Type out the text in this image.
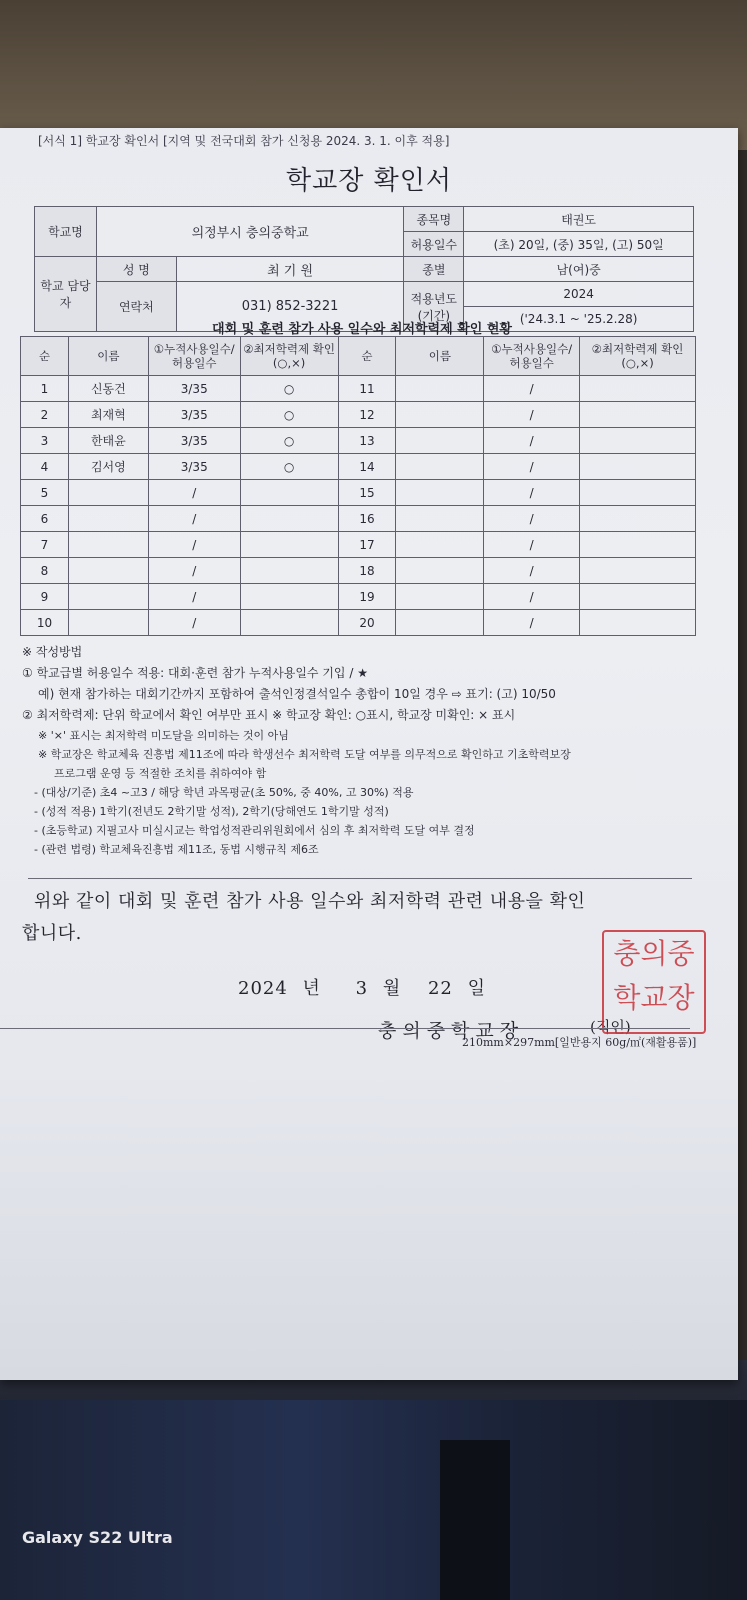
[서식 1] 학교장 확인서 [지역 및 전국대회 참가 신청용 2024. 3. 1. 이후 적용]
학교장 확인서
학교명	의정부시 충의중학교		종목명	태권도
			허용일수	(초) 20일, (중) 35일, (고) 50일
학교 담당자	성 명	최 기 원	종별	남(여)중
	연락처	031) 852-3221	적용년도 (기간)	2024
				('24.3.1 ~ '25.2.28)
대회 및 훈련 참가 사용 일수와 최저학력제 확인 현황
순	이름	①누적사용일수/ 허용일수	②최저학력제 확인(○,×)	순	이름	①누적사용일수/ 허용일수	②최저학력제 확인(○,×)
1	신동건	3/35	○	11		/	
2	최재혁	3/35	○	12		/	
3	한태윤	3/35	○	13		/	
4	김서영	3/35	○	14		/	
5		/		15		/	
6		/		16		/	
7		/		17		/	
8		/		18		/	
9		/		19		/	
10		/		20		/	
※ 작성방법
① 학교급별 허용일수 적용: 대회·훈련 참가 누적사용일수 기입 / ★
예) 현재 참가하는 대회기간까지 포함하여 출석인정결석일수 총합이 10일 경우 ⇨ 표기: (고) 10/50
② 최저학력제: 단위 학교에서 확인 여부만 표시 ※ 학교장 확인: ○표시, 학교장 미확인: × 표시
※ '×' 표시는 최저학력 미도달을 의미하는 것이 아님
※ 학교장은 학교체육 진흥법 제11조에 따라 학생선수 최저학력 도달 여부를 의무적으로 확인하고 기초학력보장
프로그램 운영 등 적절한 조치를 취하여야 함
- (대상/기준) 초4 ~고3 / 해당 학년 과목평균(초 50%, 중 40%, 고 30%) 적용
- (성적 적용) 1학기(전년도 2학기말 성적), 2학기(당해연도 1학기말 성적)
- (초등학교) 지필고사 미실시교는 학업성적관리위원회에서 심의 후 최저학력 도달 여부 결정
- (관련 법령) 학교체육진흥법 제11조, 동법 시행규칙 제6조
위와 같이 대회 및 훈련 참가 사용 일수와 최저학력 관련 내용을 확인
합니다.
2024 년 3 월 22 일
충의중학교장	(직인)
충의중
학교장
210mm×297mm[일반용지 60g/㎡(재활용품)]
Galaxy S22 Ultra
